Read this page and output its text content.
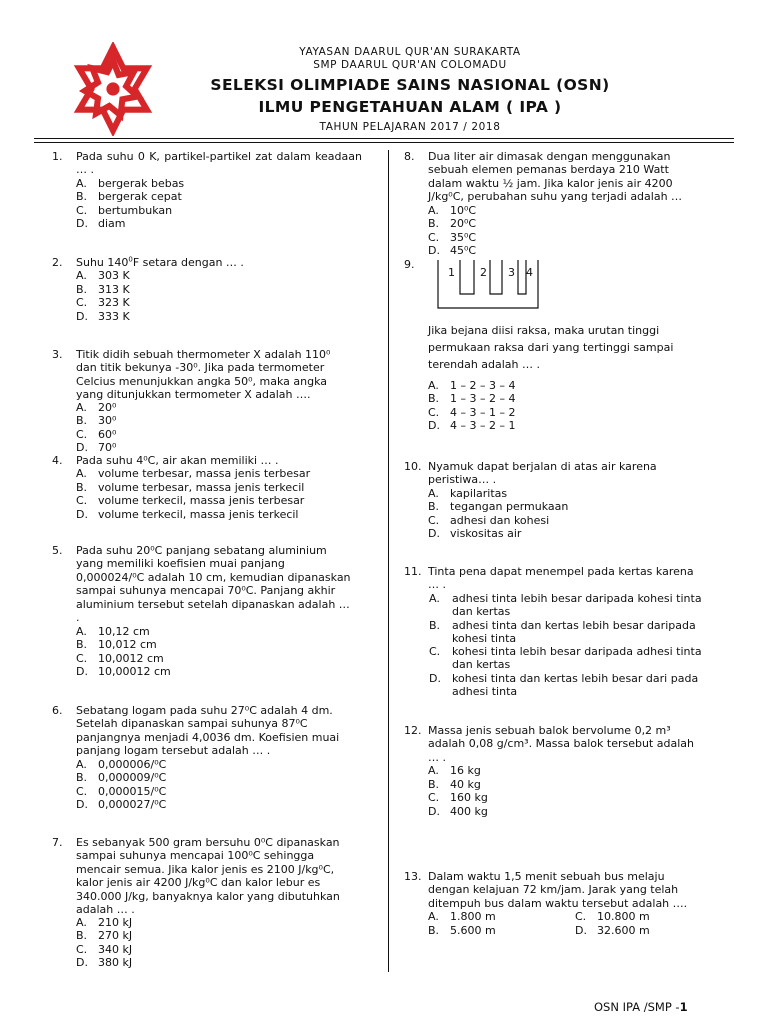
YAYASAN DAARUL QUR'AN SURAKARTA
SMP DAARUL QUR'AN COLOMADU
SELEKSI OLIMPIADE SAINS NASIONAL (OSN)
ILMU PENGETAHUAN ALAM ( IPA )
TAHUN PELAJARAN 2017 / 2018
1. Pada suhu 0 K, partikel-partikel zat dalam keadaan … .
A. bergerak bebas
B. bergerak cepat
C. bertumbukan
D. diam
2. Suhu $140^0F$ setara dengan … .
A. 303 K
B. 313 K
C. 323 K
D. 333 K
3. Titik didih sebuah thermometer X adalah 110⁰
dan titik bekunya -30⁰. Jika pada termometer
Celcius menunjukkan angka 50⁰, maka angka
yang ditunjukkan termometer X adalah ….
A. 20⁰
B. 30⁰
C. 60⁰
D. 70⁰
4. Pada suhu 4⁰C, air akan memiliki … .
A. volume terbesar, massa jenis terbesar
B. volume terbesar, massa jenis terkecil
C. volume terkecil, massa jenis terbesar
D. volume terkecil, massa jenis terkecil
5. Pada suhu 20⁰C panjang sebatang aluminium
yang memiliki koefisien muai panjang
0,000024/⁰C adalah 10 cm, kemudian dipanaskan
sampai suhunya mencapai 70⁰C. Panjang akhir
aluminium tersebut setelah dipanaskan adalah …
.
A. 10,12 cm
B. 10,012 cm
C. 10,0012 cm
D. 10,00012 cm
6. Sebatang logam pada suhu 27⁰C adalah 4 dm.
Setelah dipanaskan sampai suhunya 87⁰C
panjangnya menjadi 4,0036 dm. Koefisien muai
panjang logam tersebut adalah … .
A. 0,000006/⁰C
B. 0,000009/⁰C
C. 0,000015/⁰C
D. 0,000027/⁰C
7. Es sebanyak 500 gram bersuhu 0⁰C dipanaskan
sampai suhunya mencapai 100⁰C sehingga
mencair semua. Jika kalor jenis es 2100 J/kg⁰C,
kalor jenis air 4200 J/kg⁰C dan kalor lebur es
340.000 J/kg, banyaknya kalor yang dibutuhkan
adalah … .
A. 210 kJ
B. 270 kJ
C. 340 kJ
D. 380 kJ
8. Dua liter air dimasak dengan menggunakan
sebuah elemen pemanas berdaya 210 Watt
dalam waktu ½ jam. Jika kalor jenis air 4200
J/kg⁰C, perubahan suhu yang terjadi adalah …
A. 10⁰C
B. 20⁰C
C. 35⁰C
D. 45⁰C
9.
1 2 3 4
Jika bejana diisi raksa, maka urutan tinggi
permukaan raksa dari yang tertinggi sampai
terendah adalah … .
A. 1 – 2 – 3 – 4
B. 1 – 3 – 2 – 4
C. 4 – 3 – 1 – 2
D. 4 – 3 – 2 – 1
10. Nyamuk dapat berjalan di atas air karena
peristiwa… .
A. kapilaritas
B. tegangan permukaan
C. adhesi dan kohesi
D. viskositas air
11. Tinta pena dapat menempel pada kertas karena
… .
A. adhesi tinta lebih besar daripada kohesi tinta
dan kertas
B. adhesi tinta dan kertas lebih besar daripada
kohesi tinta
C. kohesi tinta lebih besar daripada adhesi tinta
dan kertas
D. kohesi tinta dan kertas lebih besar dari pada
adhesi tinta
12. Massa jenis sebuah balok bervolume 0,2 m³
adalah 0,08 g/cm³. Massa balok tersebut adalah
… .
A. 16 kg
B. 40 kg
C. 160 kg
D. 400 kg
13. Dalam waktu 1,5 menit sebuah bus melaju
dengan kelajuan 72 km/jam. Jarak yang telah
ditempuh bus dalam waktu tersebut adalah ….
A. 1.800 m
B. 5.600 m
C. 10.800 m
D. 32.600 m
OSN IPA /SMP -1
